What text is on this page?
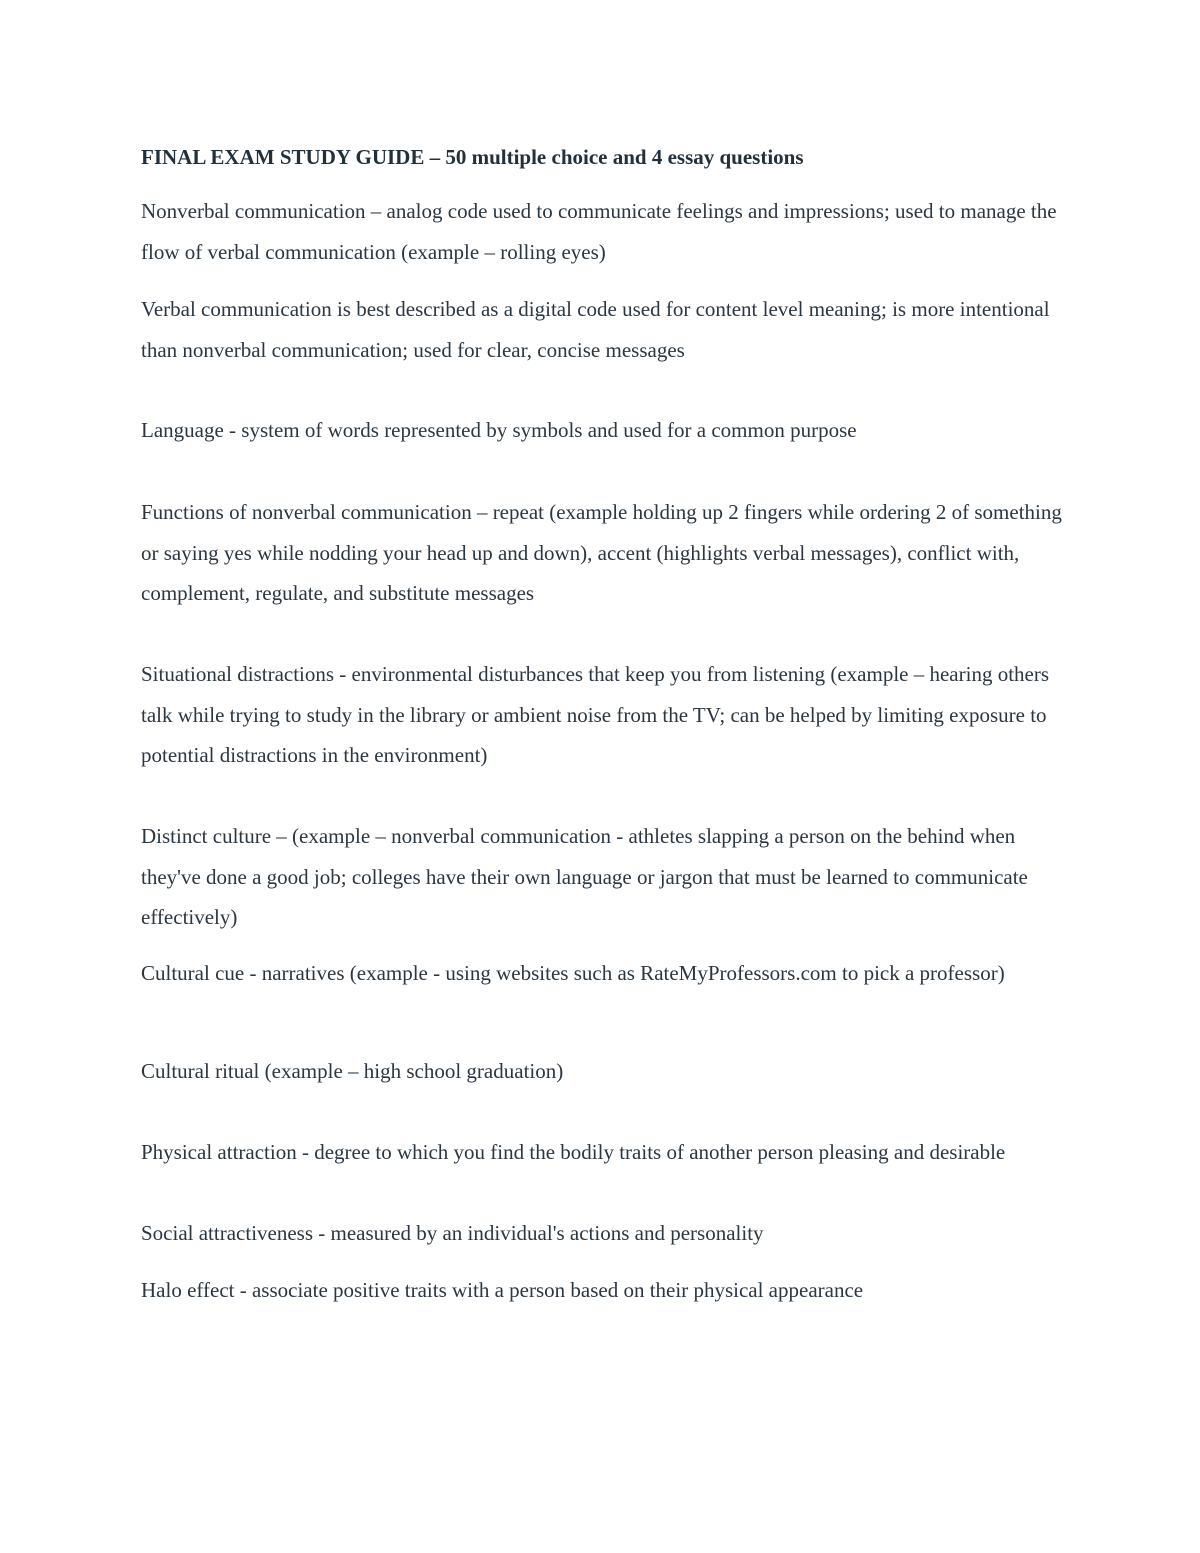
FINAL EXAM STUDY GUIDE – 50 multiple choice and 4 essay questions

Nonverbal communication – analog code used to communicate feelings and impressions; used to manage the flow of verbal communication (example – rolling eyes)

Verbal communication is best described as a digital code used for content level meaning; is more intentional than nonverbal communication; used for clear, concise messages

Language - system of words represented by symbols and used for a common purpose

Functions of nonverbal communication – repeat (example holding up 2 fingers while ordering 2 of something or saying yes while nodding your head up and down), accent (highlights verbal messages), conflict with, complement, regulate, and substitute messages

Situational distractions - environmental disturbances that keep you from listening (example – hearing others talk while trying to study in the library or ambient noise from the TV; can be helped by limiting exposure to potential distractions in the environment)

Distinct culture – (example – nonverbal communication - athletes slapping a person on the behind when they've done a good job; colleges have their own language or jargon that must be learned to communicate effectively)

Cultural cue - narratives (example - using websites such as RateMyProfessors.com to pick a professor)

Cultural ritual (example – high school graduation)

Physical attraction - degree to which you find the bodily traits of another person pleasing and desirable

Social attractiveness - measured by an individual's actions and personality

Halo effect - associate positive traits with a person based on their physical appearance
